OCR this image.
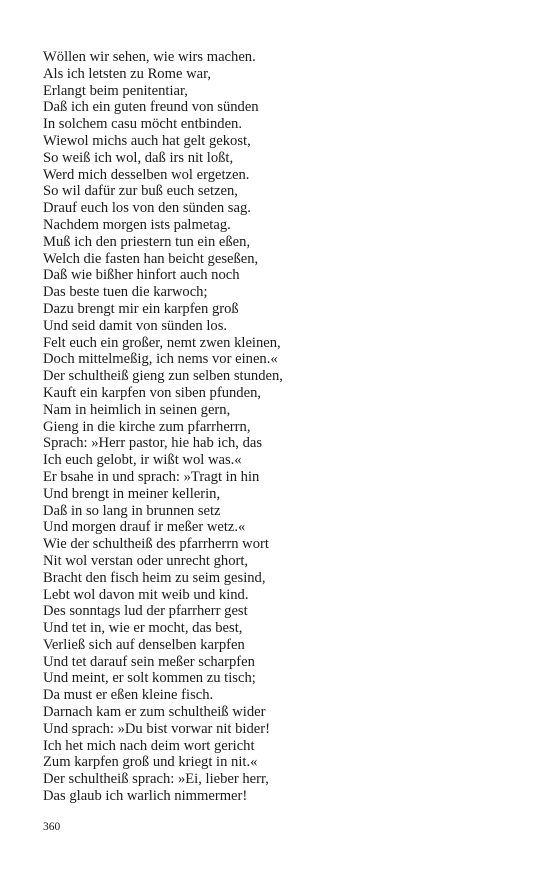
Wöllen wir sehen, wie wirs machen.
Als ich letsten zu Rome war,
Erlangt beim penitentiar,
Daß ich ein guten freund von sünden
In solchem casu möcht entbinden.
Wiewol michs auch hat gelt gekost,
So weiß ich wol, daß irs nit loßt,
Werd mich desselben wol ergetzen.
So wil dafür zur buß euch setzen,
Drauf euch los von den sünden sag.
Nachdem morgen ists palmetag.
Muß ich den priestern tun ein eßen,
Welch die fasten han beicht geseßen,
Daß wie bißher hinfort auch noch
Das beste tuen die karwoch;
Dazu brengt mir ein karpfen groß
Und seid damit von sünden los.
Felt euch ein großer, nemt zwen kleinen,
Doch mittelmeßig, ich nems vor einen.«
Der schultheiß gieng zun selben stunden,
Kauft ein karpfen von siben pfunden,
Nam in heimlich in seinen gern,
Gieng in die kirche zum pfarrherrn,
Sprach: »Herr pastor, hie hab ich, das
Ich euch gelobt, ir wißt wol was.«
Er bsahe in und sprach: »Tragt in hin
Und brengt in meiner kellerin,
Daß in so lang in brunnen setz
Und morgen drauf ir meßer wetz.«
Wie der schultheiß des pfarrherrn wort
Nit wol verstan oder unrecht ghort,
Bracht den fisch heim zu seim gesind,
Lebt wol davon mit weib und kind.
Des sonntags lud der pfarrherr gest
Und tet in, wie er mocht, das best,
Verließ sich auf denselben karpfen
Und tet darauf sein meßer scharpfen
Und meint, er solt kommen zu tisch;
Da must er eßen kleine fisch.
Darnach kam er zum schultheiß wider
Und sprach: »Du bist vorwar nit bider!
Ich het mich nach deim wort gericht
Zum karpfen groß und kriegt in nit.«
Der schultheiß sprach: »Ei, lieber herr,
Das glaub ich warlich nimmermer!
360
